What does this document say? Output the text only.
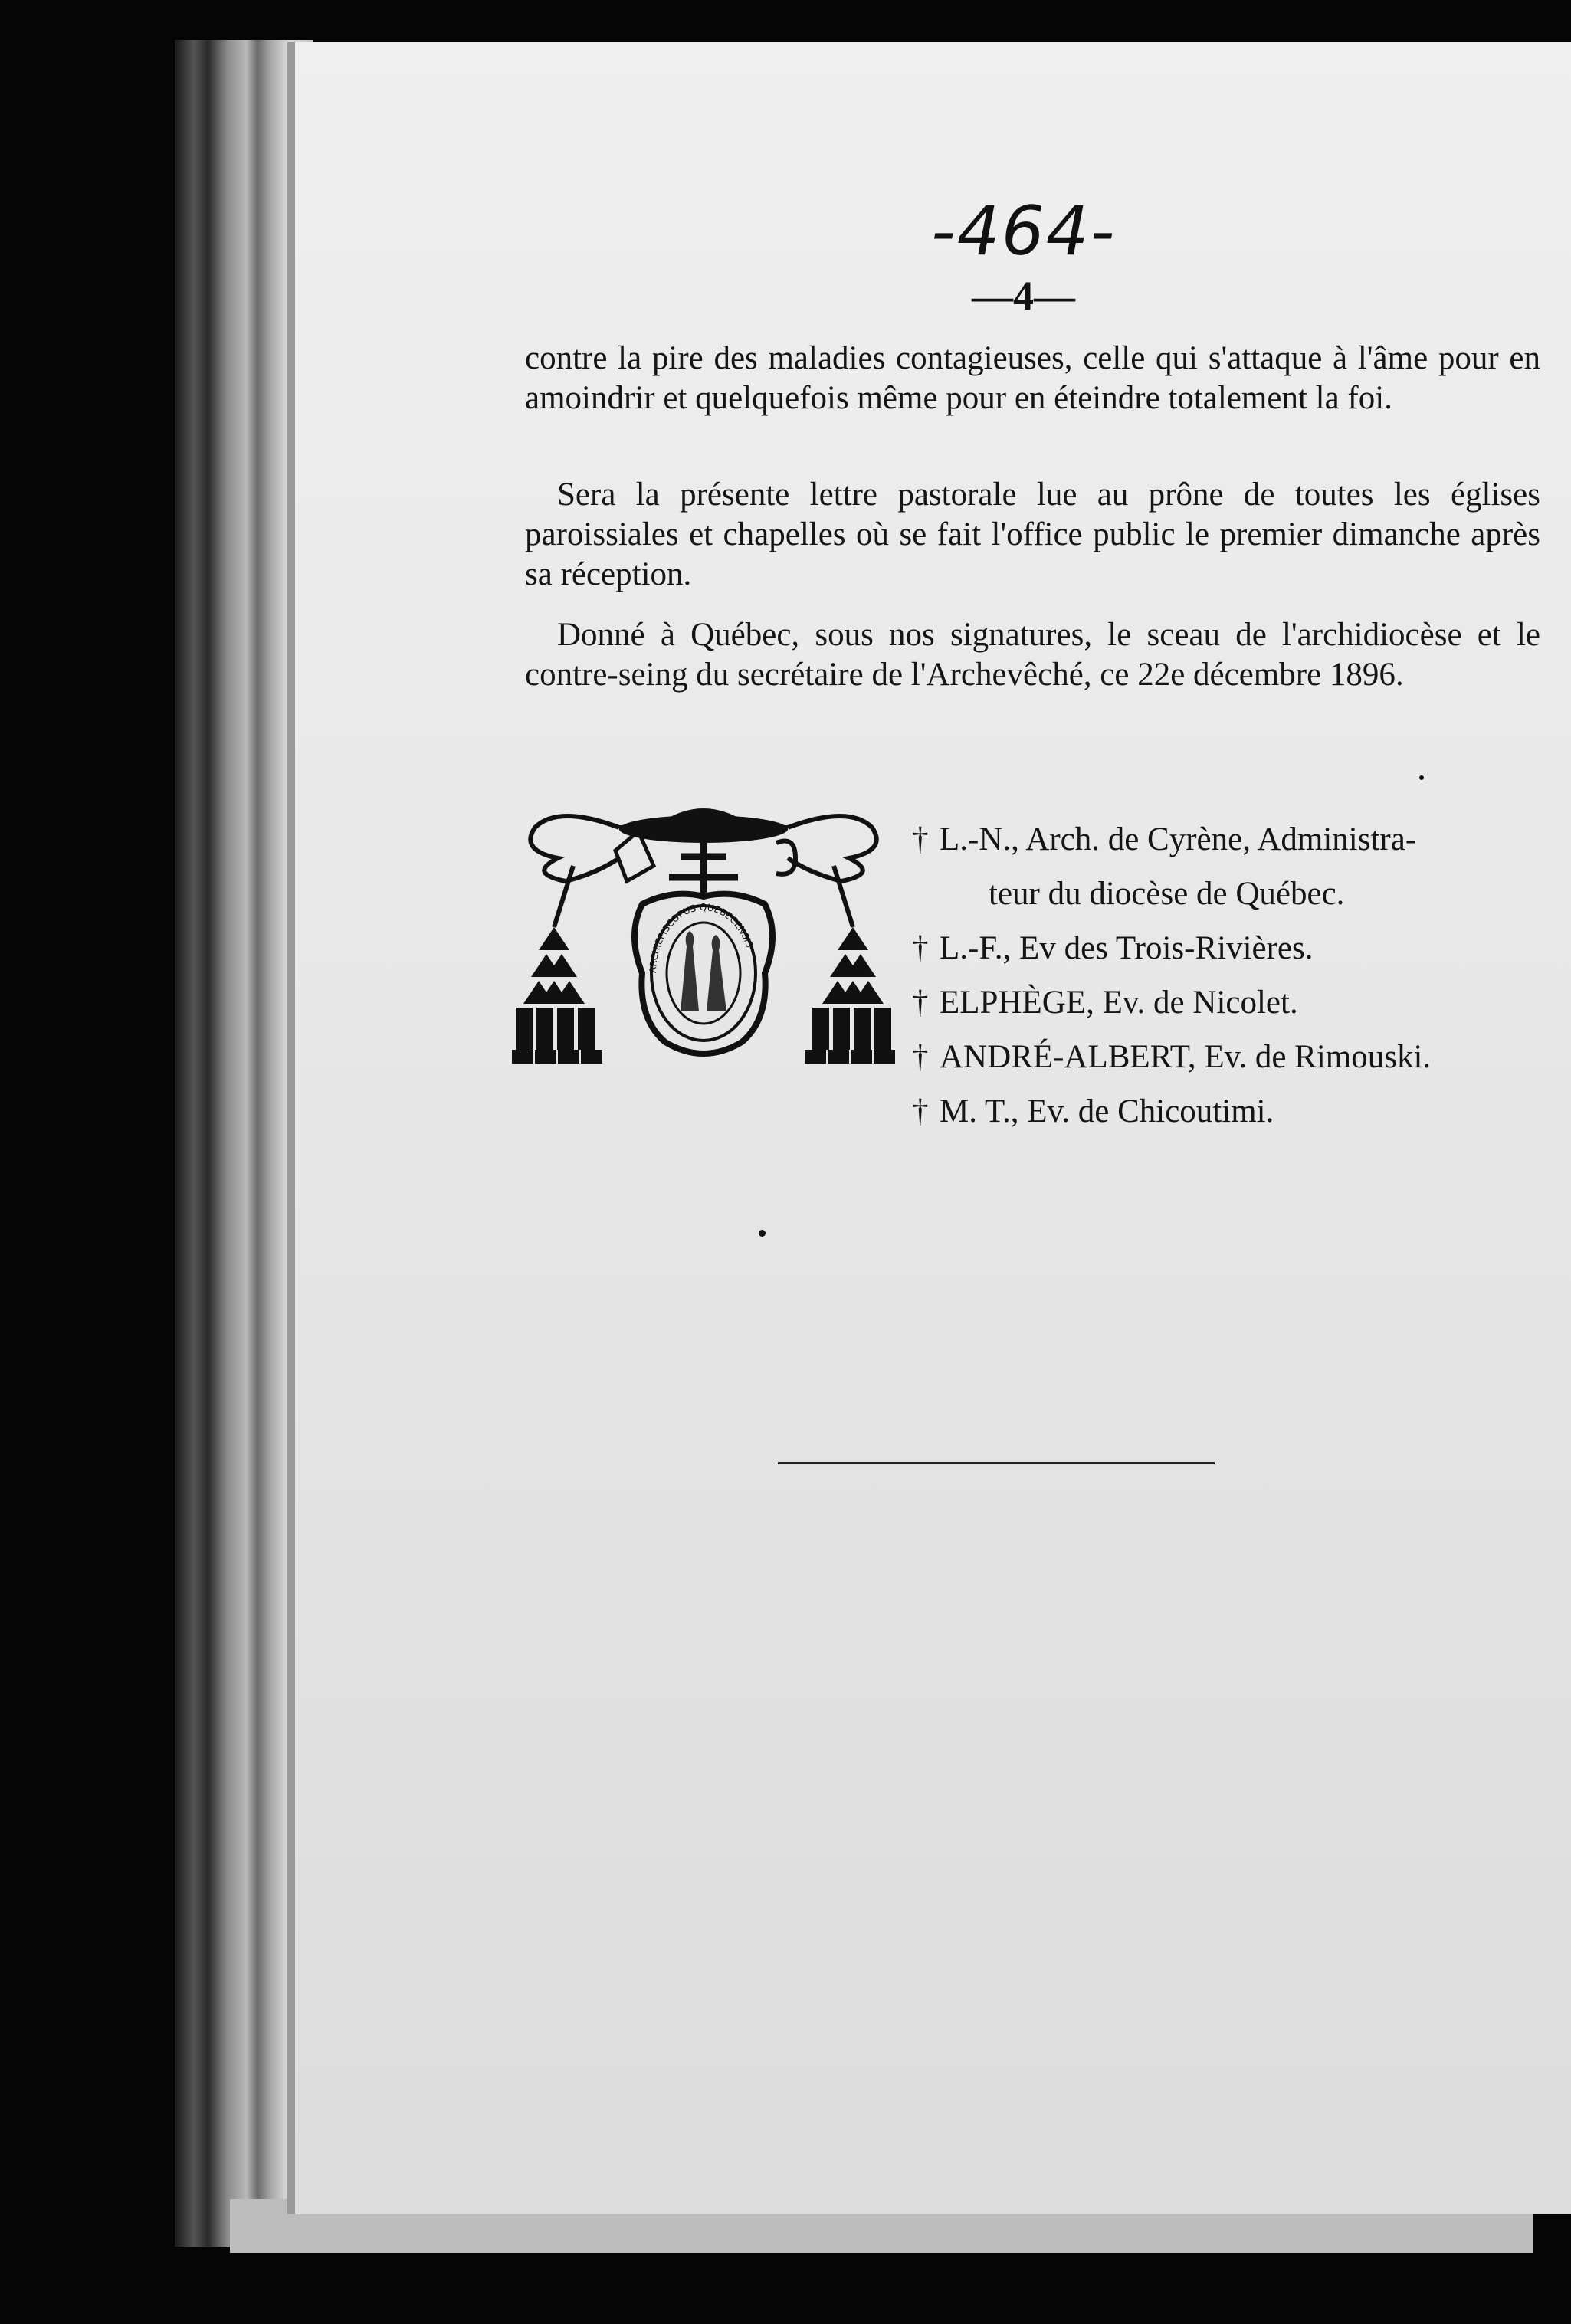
-464-
—4—
contre la pire des maladies contagieuses, celle qui s'attaque à l'âme pour en amoindrir et quelquefois même pour en éteindre totalement la foi.
Sera la présente lettre pastorale lue au prône de toutes les églises paroissiales et chapelles où se fait l'office public le premier dimanche après sa réception.
Donné à Québec, sous nos signatures, le sceau de l'archidiocèse et le contre-seing du secrétaire de l'Archevêché, ce 22e décembre 1896.
ARCHIEPISCOPUS QUEBECENSIS
† L.-N., Arch. de Cyrène, Administra-
teur du diocèse de Québec.
† L.-F., Ev des Trois-Rivières.
† ELPHÈGE, Ev. de Nicolet.
† ANDRÉ-ALBERT, Ev. de Rimouski.
† M. T., Ev. de Chicoutimi.
